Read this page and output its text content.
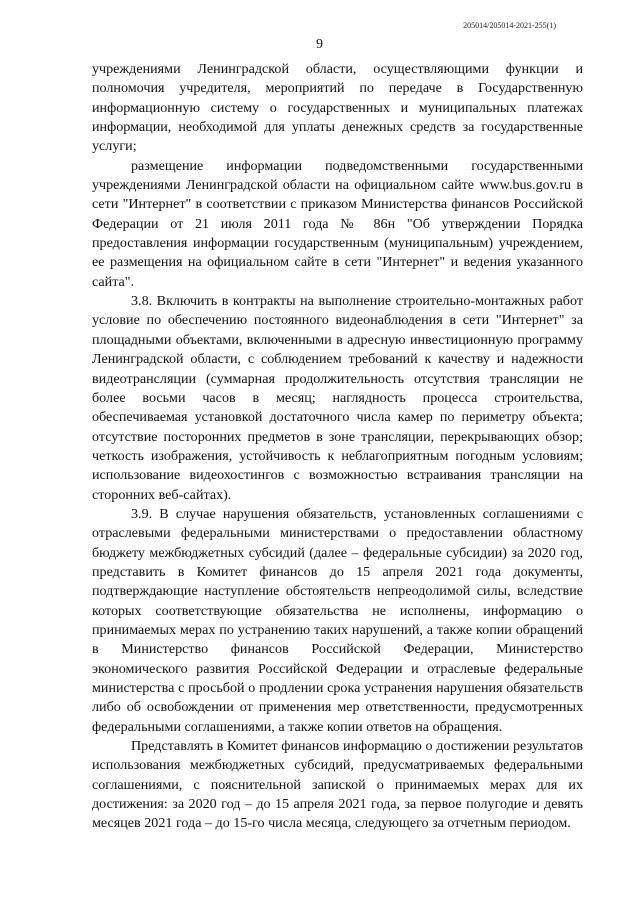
205014/205014-2021-255(1)
9

учреждениями Ленинградской области, осуществляющими функции и полномочия учредителя, мероприятий по передаче в Государственную информационную систему о государственных и муниципальных платежах информации, необходимой для уплаты денежных средств за государственные услуги;

размещение информации подведомственными государственными учреждениями Ленинградской области на официальном сайте www.bus.gov.ru в сети "Интернет" в соответствии с приказом Министерства финансов Российской Федерации от 21 июля 2011 года № 86н "Об утверждении Порядка предоставления информации государственным (муниципальным) учреждением, ее размещения на официальном сайте в сети "Интернет" и ведения указанного сайта".

3.8. Включить в контракты на выполнение строительно-монтажных работ условие по обеспечению постоянного видеонаблюдения в сети "Интернет" за площадными объектами, включенными в адресную инвестиционную программу Ленинградской области, с соблюдением требований к качеству и надежности видеотрансляции (суммарная продолжительность отсутствия трансляции не более восьми часов в месяц; наглядность процесса строительства, обеспечиваемая установкой достаточного числа камер по периметру объекта; отсутствие посторонних предметов в зоне трансляции, перекрывающих обзор; четкость изображения, устойчивость к неблагоприятным погодным условиям; использование видеохостингов с возможностью встраивания трансляции на сторонних веб-сайтах).

3.9. В случае нарушения обязательств, установленных соглашениями с отраслевыми федеральными министерствами о предоставлении областному бюджету межбюджетных субсидий (далее – федеральные субсидии) за 2020 год, представить в Комитет финансов до 15 апреля 2021 года документы, подтверждающие наступление обстоятельств непреодолимой силы, вследствие которых соответствующие обязательства не исполнены, информацию о принимаемых мерах по устранению таких нарушений, а также копии обращений в Министерство финансов Российской Федерации, Министерство экономического развития Российской Федерации и отраслевые федеральные министерства с просьбой о продлении срока устранения нарушения обязательств либо об освобождении от применения мер ответственности, предусмотренных федеральными соглашениями, а также копии ответов на обращения.

Представлять в Комитет финансов информацию о достижении результатов использования межбюджетных субсидий, предусматриваемых федеральными соглашениями, с пояснительной запиской о принимаемых мерах для их достижения: за 2020 год – до 15 апреля 2021 года, за первое полугодие и девять месяцев 2021 года – до 15-го числа месяца, следующего за отчетным периодом.
